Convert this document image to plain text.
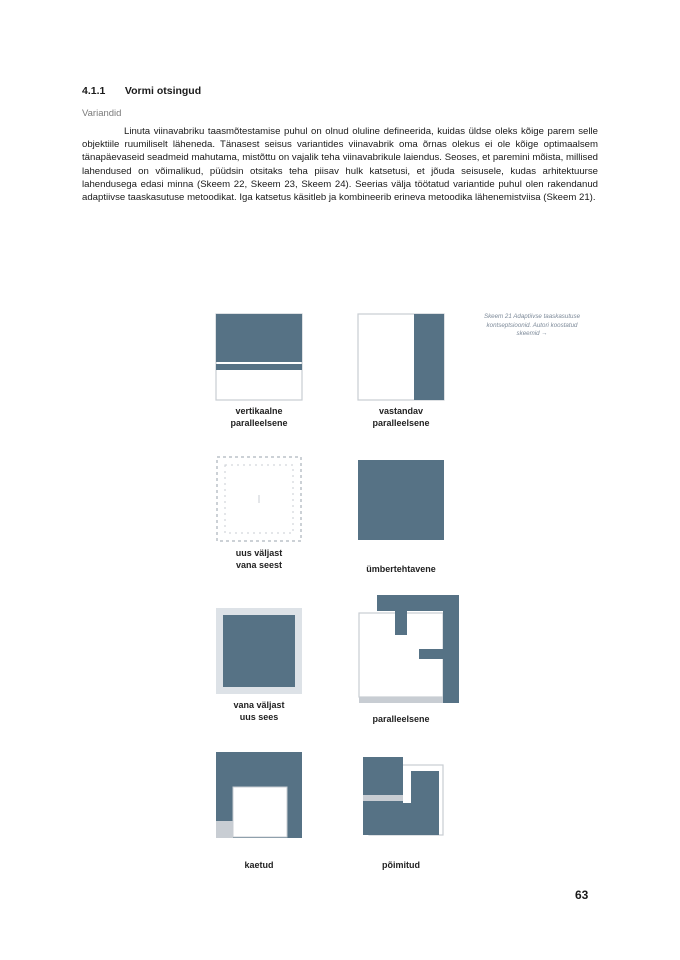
4.1.1 Vormi otsingud
Variandid

Linuta viinavabriku taasmõtestamise puhul on olnud oluline defineerida, kuidas üldse oleks kõige parem selle objektiile ruumiliselt läheneda. Tänasest seisus variantides viinavabrik oma õrnas olekus ei ole kõige optimaalsem tänapäevaseid seadmeid mahutama, mistõttu on vajalik teha viinavabrikule laiendus. Seoses, et paremini mõista, millised lahendused on võimalikud, püüdsin otsitaks teha piisav hulk katsetusi, et jõuda seisusele, kudas arhitektuurse lahendusega edasi minna (Skeem 22, Skeem 23, Skeem 24). Seerias välja töötatud variantide puhul olen rakendanud adaptiivse taaskasutuse metoodikat. Iga katsetus käsitleb ja kombineerib erineva metoodika lähenemistviisa (Skeem 21).

Skeem 21 Adaptiivse taaskasutuse kontseptsioonid. Autori koostatud skeemid →
vertikaalne
paralleelsene
vastandav
paralleelsene
uus väljast
vana seest	ümbertehtavene
vana väljast
uus sees	paralleelsene
kaetud	põimitud
63
